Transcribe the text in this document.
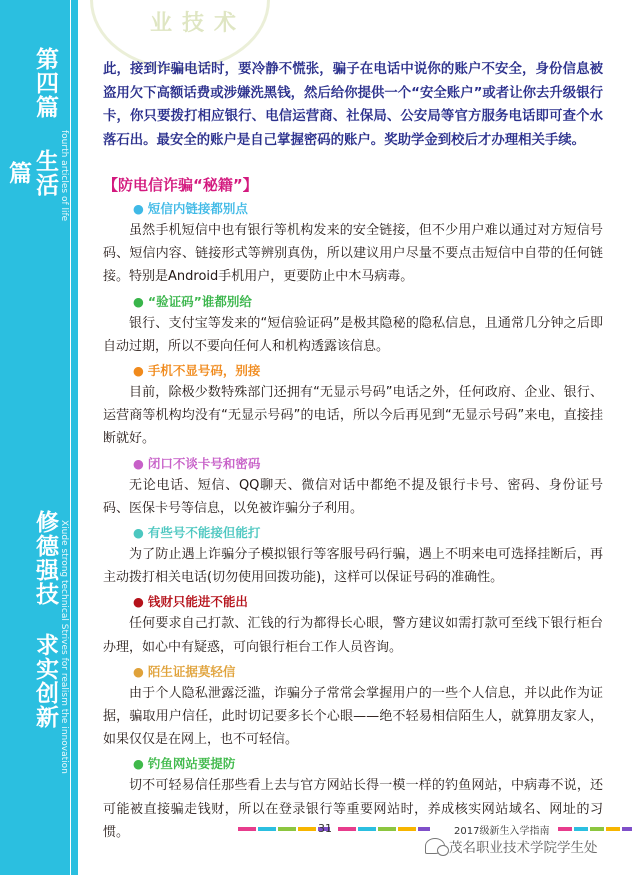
第四篇
生活篇	fourth articles of life
修德强技
求实创新 Xiude strong technical Strives for realism the innovation
业技术

此，接到诈骗电话时，要冷静不慌张，骗子在电话中说你的账户不安全，身份信息被盗用欠下高额话费或涉嫌洗黑钱，然后给你提供一个“安全账户”或者让你去升级银行卡，你只要拨打相应银行、电信运营商、社保局、公安局等官方服务电话即可查个水落石出。最安全的账户是自己掌握密码的账户。奖助学金到校后才办理相关手续。

【防电信诈骗“秘籍”】
● 短信内链接都别点

虽然手机短信中也有银行等机构发来的安全链接，但不少用户难以通过对方短信号码、短信内容、链接形式等辨别真伪，所以建议用户尽量不要点击短信中自带的任何链接。特别是Android手机用户，更要防止中木马病毒。

● “验证码”谁都别给

银行、支付宝等发来的“短信验证码”是极其隐秘的隐私信息，且通常几分钟之后即自动过期，所以不要向任何人和机构透露该信息。

● 手机不显号码，别接

目前，除极少数特殊部门还拥有“无显示号码”电话之外，任何政府、企业、银行、运营商等机构均没有“无显示号码”的电话，所以今后再见到“无显示号码”来电，直接挂断就好。

● 闭口不谈卡号和密码

无论电话、短信、QQ聊天、微信对话中都绝不提及银行卡号、密码、身份证号码、医保卡号等信息，以免被诈骗分子利用。

● 有些号不能接但能打

为了防止遇上诈骗分子模拟银行等客服号码行骗，遇上不明来电可选择挂断后，再主动拨打相关电话(切勿使用回拨功能)，这样可以保证号码的准确性。

● 钱财只能进不能出

任何要求自己打款、汇钱的行为都得长心眼，警方建议如需打款可至线下银行柜台办理，如心中有疑惑，可向银行柜台工作人员咨询。

● 陌生证据莫轻信

由于个人隐私泄露泛滥，诈骗分子常常会掌握用户的一些个人信息，并以此作为证据，骗取用户信任，此时切记要多长个心眼——绝不轻易相信陌生人，就算朋友家人，如果仅仅是在网上，也不可轻信。

● 钓鱼网站要提防

切不可轻易信任那些看上去与官方网站长得一模一样的钓鱼网站，中病毒不说，还可能被直接骗走钱财，所以在登录银行等重要网站时，养成核实网站域名、网址的习惯。	31	2017级新生入学指南
茂名职业技术学院学生处
